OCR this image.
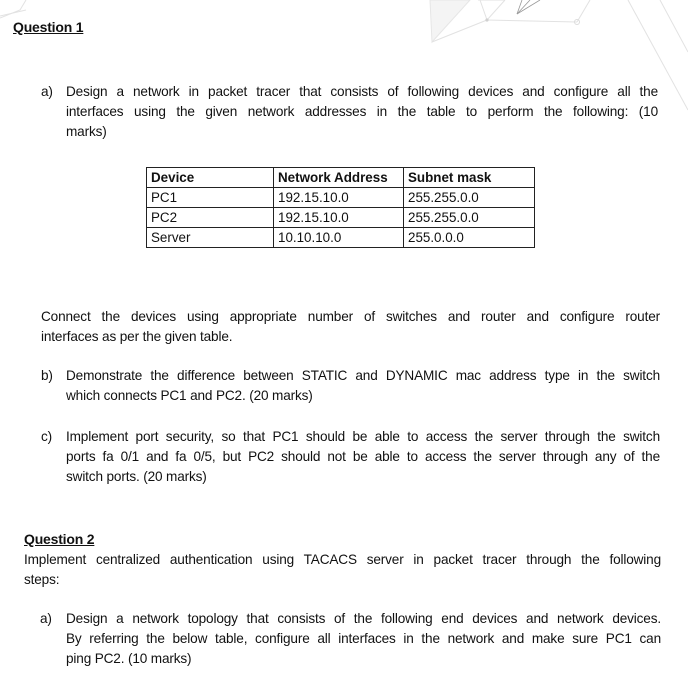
Question 1
a) Design a network in packet tracer that consists of following devices and configure all the
interfaces using the given network addresses in the table to perform the following: (10
marks)
Device	Network Address	Subnet mask
PC1	192.15.10.0	255.255.0.0
PC2	192.15.10.0	255.255.0.0
Server	10.10.10.0	255.0.0.0
Connect the devices using appropriate number of switches and router and configure router
interfaces as per the given table.
b) Demonstrate the difference between STATIC and DYNAMIC mac address type in the switch
which connects PC1 and PC2. (20 marks)
c) Implement port security, so that PC1 should be able to access the server through the switch
ports fa 0/1 and fa 0/5, but PC2 should not be able to access the server through any of the
switch ports. (20 marks)
Question 2
Implement centralized authentication using TACACS server in packet tracer through the following
steps:
a) Design a network topology that consists of the following end devices and network devices.
By referring the below table, configure all interfaces in the network and make sure PC1 can
ping PC2. (10 marks)
